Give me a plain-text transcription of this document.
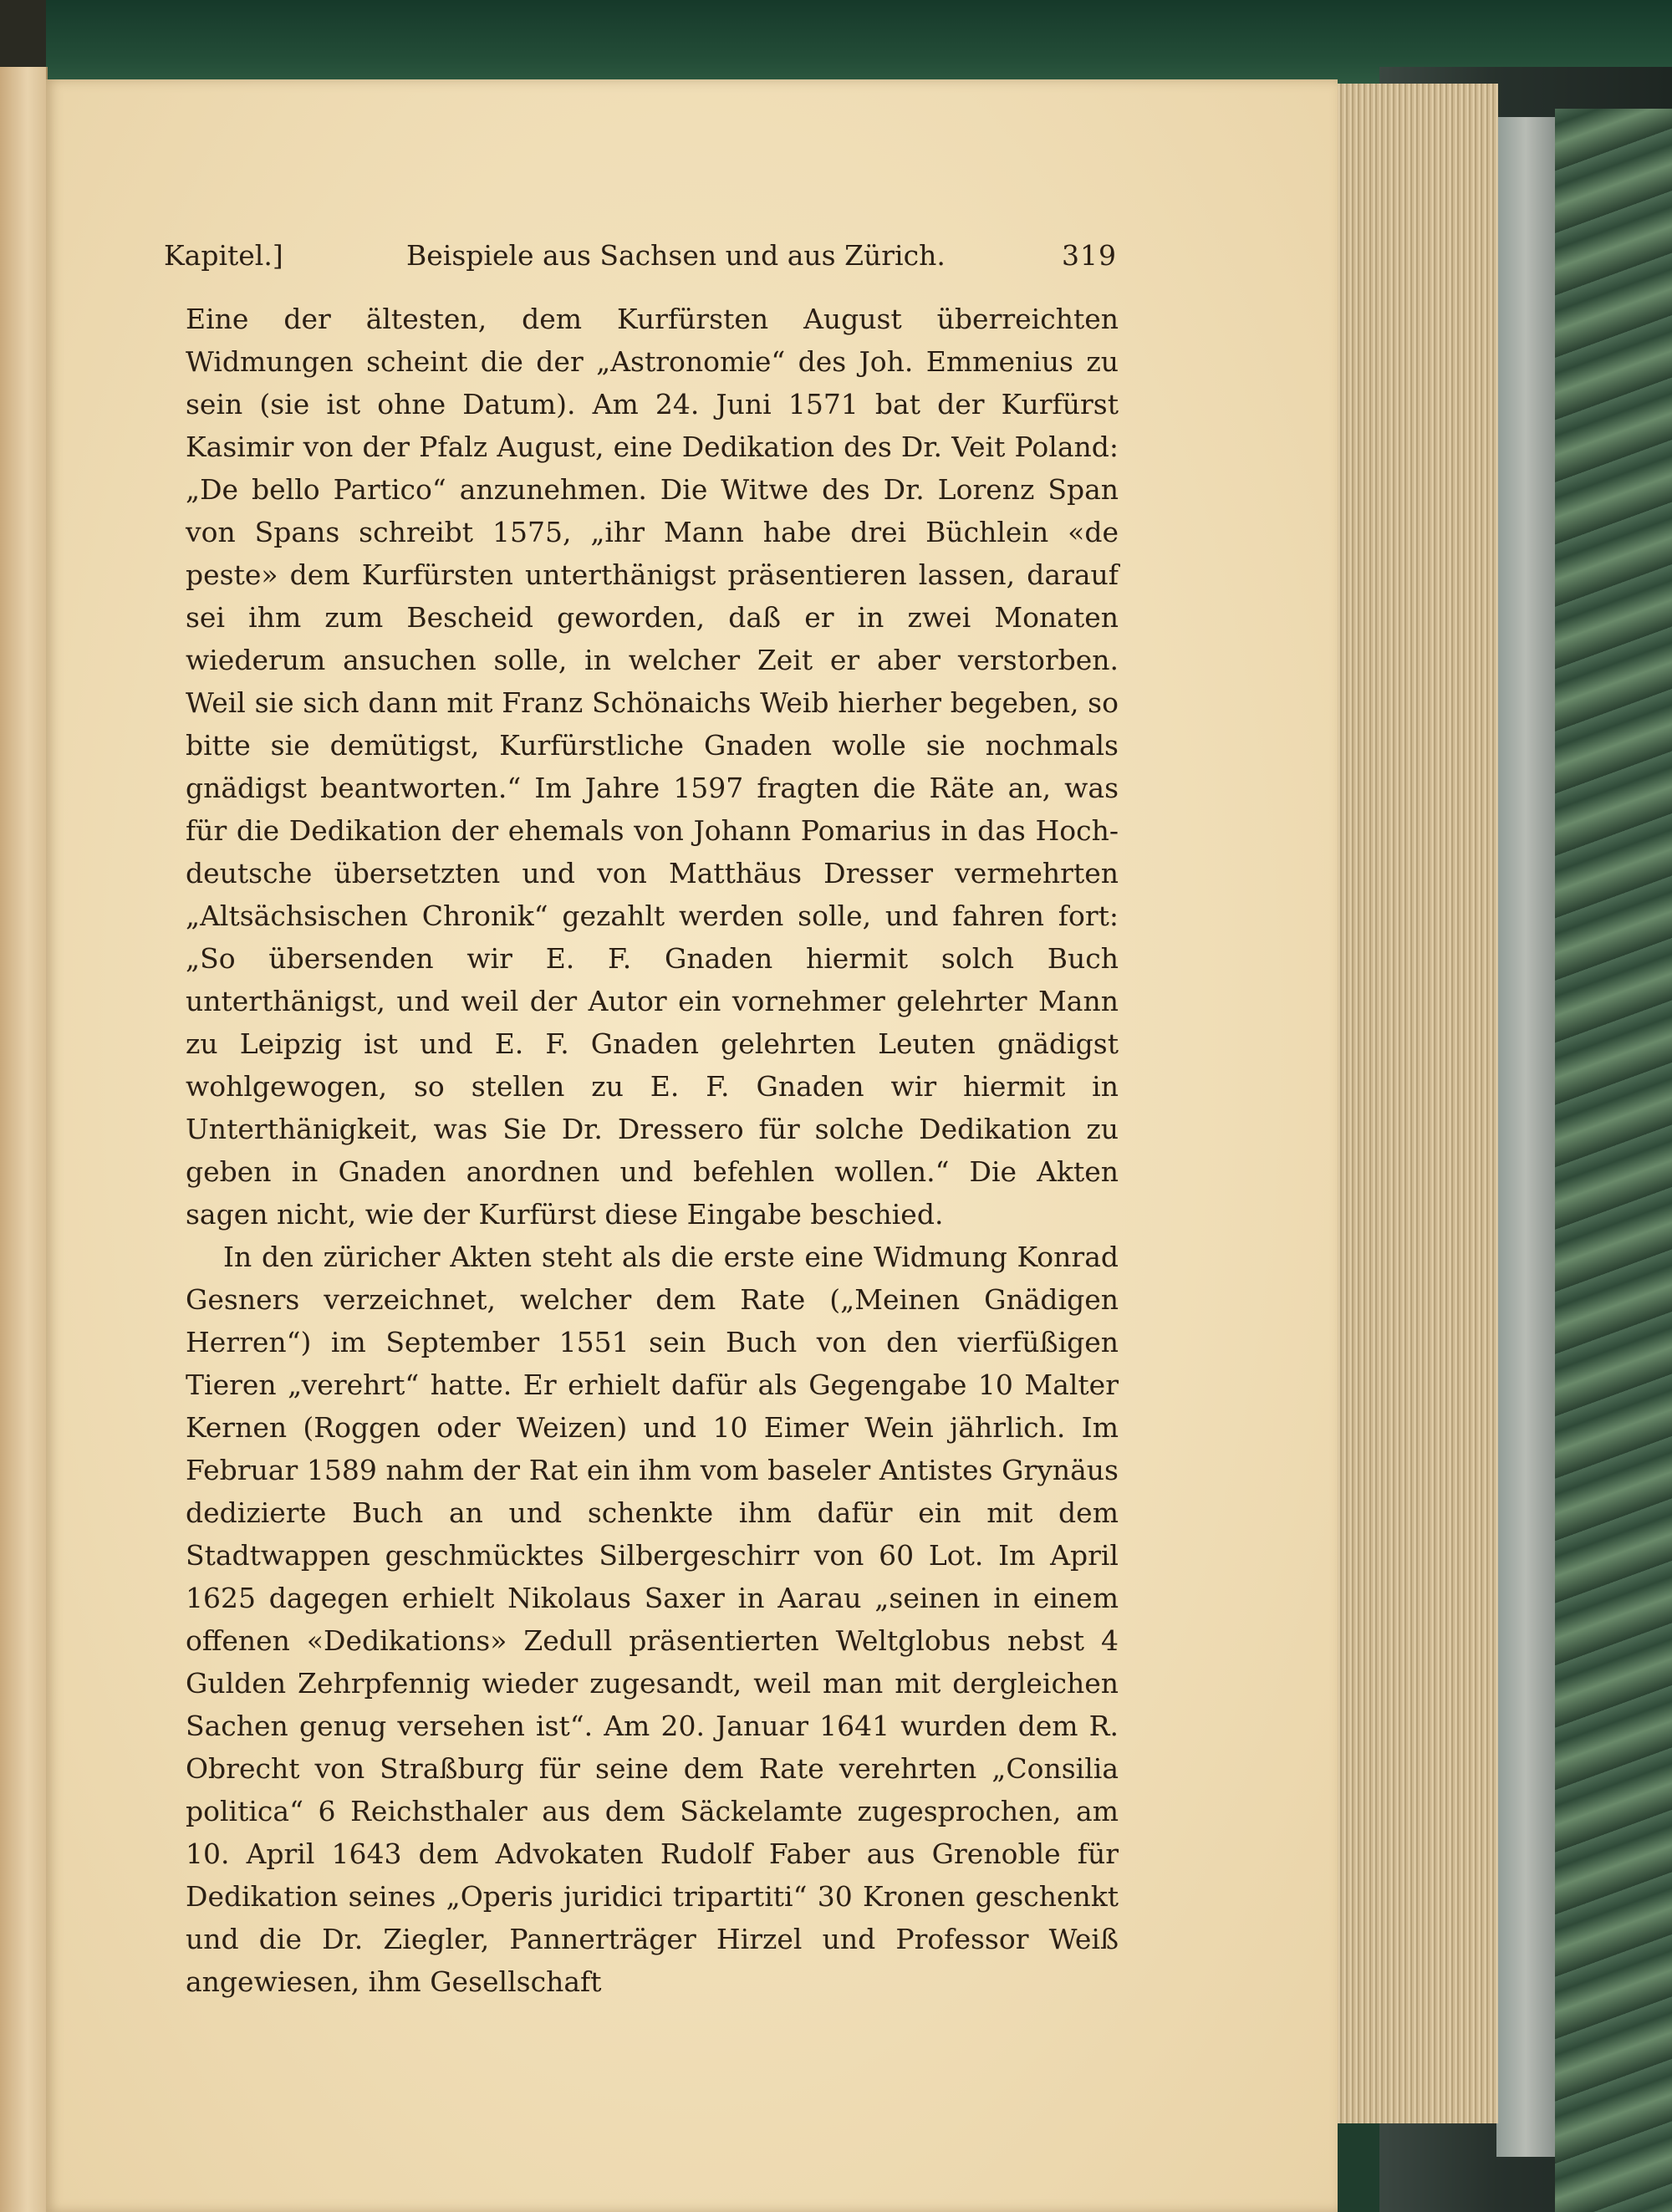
Kapitel.]	Beispiele aus Sachsen und aus Zürich.	319

Eine der ältesten, dem Kurfürsten August überreichten Widmungen scheint die der „Astronomie“ des Joh. Emmenius zu sein (sie ist ohne Datum). Am 24. Juni 1571 bat der Kurfürst Kasimir von der Pfalz August, eine Dedikation des Dr. Veit Poland: „De bello Partico“ anzunehmen. Die Witwe des Dr. Lorenz Span von Spans schreibt 1575, „ihr Mann habe drei Büchlein «de peste» dem Kurfürsten unterthänigst präsentieren lassen, darauf sei ihm zum Bescheid geworden, daß er in zwei Monaten wiederum ansuchen solle, in welcher Zeit er aber verstorben. Weil sie sich dann mit Franz Schönaichs Weib hierher begeben, so bitte sie demütigst, Kurfürstliche Gnaden wolle sie nochmals gnädigst beantworten.“ Im Jahre 1597 fragten die Räte an, was für die Dedikation der ehemals von Johann Pomarius in das Hochdeutsche übersetzten und von Matthäus Dresser vermehrten „Altsächsischen Chronik“ gezahlt werden solle, und fahren fort: „So übersenden wir E. F. Gnaden hiermit solch Buch unterthänigst, und weil der Autor ein vornehmer gelehrter Mann zu Leipzig ist und E. F. Gnaden gelehrten Leuten gnädigst wohlgewogen, so stellen zu E. F. Gnaden wir hiermit in Unterthänigkeit, was Sie Dr. Dressero für solche Dedikation zu geben in Gnaden anordnen und befehlen wollen.“ Die Akten sagen nicht, wie der Kurfürst diese Eingabe beschied.

In den züricher Akten steht als die erste eine Widmung Konrad Gesners verzeichnet, welcher dem Rate („Meinen Gnädigen Herren“) im September 1551 sein Buch von den vierfüßigen Tieren „verehrt“ hatte. Er erhielt dafür als Gegengabe 10 Malter Kernen (Roggen oder Weizen) und 10 Eimer Wein jährlich. Im Februar 1589 nahm der Rat ein ihm vom baseler Antistes Grynäus dedizierte Buch an und schenkte ihm dafür ein mit dem Stadtwappen geschmücktes Silbergeschirr von 60 Lot. Im April 1625 dagegen erhielt Nikolaus Saxer in Aarau „seinen in einem offenen «Dedikations» Zedull präsentierten Weltglobus nebst 4 Gulden Zehrpfennig wieder zugesandt, weil man mit dergleichen Sachen genug versehen ist“. Am 20. Januar 1641 wurden dem R. Obrecht von Straßburg für seine dem Rate verehrten „Consilia politica“ 6 Reichsthaler aus dem Säckelamte zugesprochen, am 10. April 1643 dem Advokaten Rudolf Faber aus Grenoble für Dedikation seines „Operis juridici tripartiti“ 30 Kronen geschenkt und die Dr. Ziegler, Pannerträger Hirzel und Professor Weiß angewiesen, ihm Gesellschaft
